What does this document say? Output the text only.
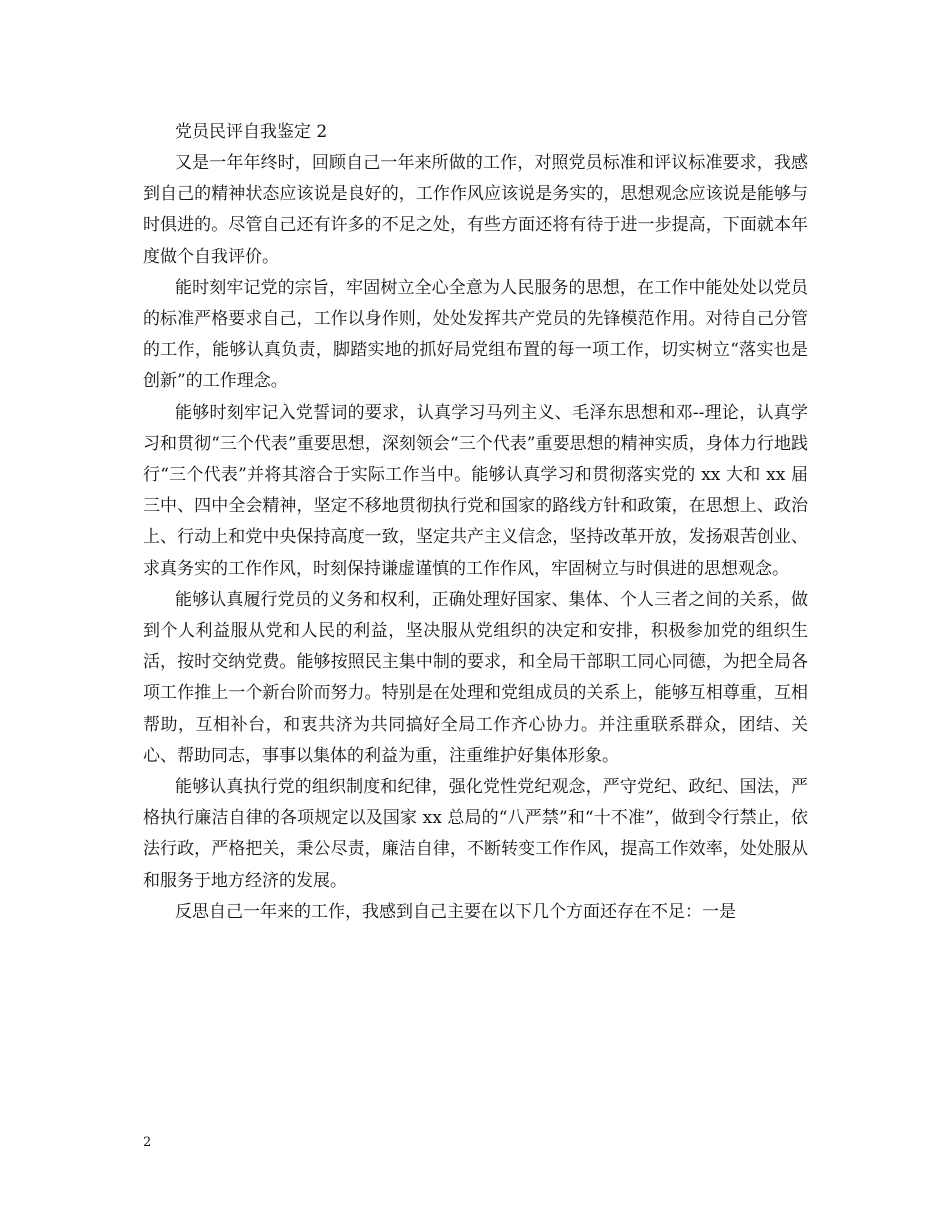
党员民评自我鉴定 2

又是一年年终时，回顾自己一年来所做的工作，对照党员标准和评议标准要求，我感到自己的精神状态应该说是良好的，工作作风应该说是务实的，思想观念应该说是能够与时俱进的。尽管自己还有许多的不足之处，有些方面还将有待于进一步提高，下面就本年度做个自我评价。

能时刻牢记党的宗旨，牢固树立全心全意为人民服务的思想，在工作中能处处以党员的标准严格要求自己，工作以身作则，处处发挥共产党员的先锋模范作用。对待自己分管的工作，能够认真负责，脚踏实地的抓好局党组布置的每一项工作，切实树立“落实也是创新”的工作理念。

能够时刻牢记入党誓词的要求，认真学习马列主义、毛泽东思想和邓--理论，认真学习和贯彻“三个代表”重要思想，深刻领会“三个代表”重要思想的精神实质，身体力行地践行“三个代表”并将其溶合于实际工作当中。能够认真学习和贯彻落实党的 xx 大和 xx 届三中、四中全会精神，坚定不移地贯彻执行党和国家的路线方针和政策，在思想上、政治上、行动上和党中央保持高度一致，坚定共产主义信念，坚持改革开放，发扬艰苦创业、求真务实的工作作风，时刻保持谦虚谨慎的工作作风，牢固树立与时俱进的思想观念。

能够认真履行党员的义务和权利，正确处理好国家、集体、个人三者之间的关系，做到个人利益服从党和人民的利益，坚决服从党组织的决定和安排，积极参加党的组织生活，按时交纳党费。能够按照民主集中制的要求，和全局干部职工同心同德，为把全局各项工作推上一个新台阶而努力。特别是在处理和党组成员的关系上，能够互相尊重，互相帮助，互相补台，和衷共济为共同搞好全局工作齐心协力。并注重联系群众，团结、关心、帮助同志，事事以集体的利益为重，注重维护好集体形象。

能够认真执行党的组织制度和纪律，强化党性党纪观念，严守党纪、政纪、国法，严格执行廉洁自律的各项规定以及国家 xx 总局的“八严禁”和“十不准”，做到令行禁止，依法行政，严格把关，秉公尽责，廉洁自律，不断转变工作作风，提高工作效率，处处服从和服务于地方经济的发展。

反思自己一年来的工作，我感到自己主要在以下几个方面还存在不足：一是

2
